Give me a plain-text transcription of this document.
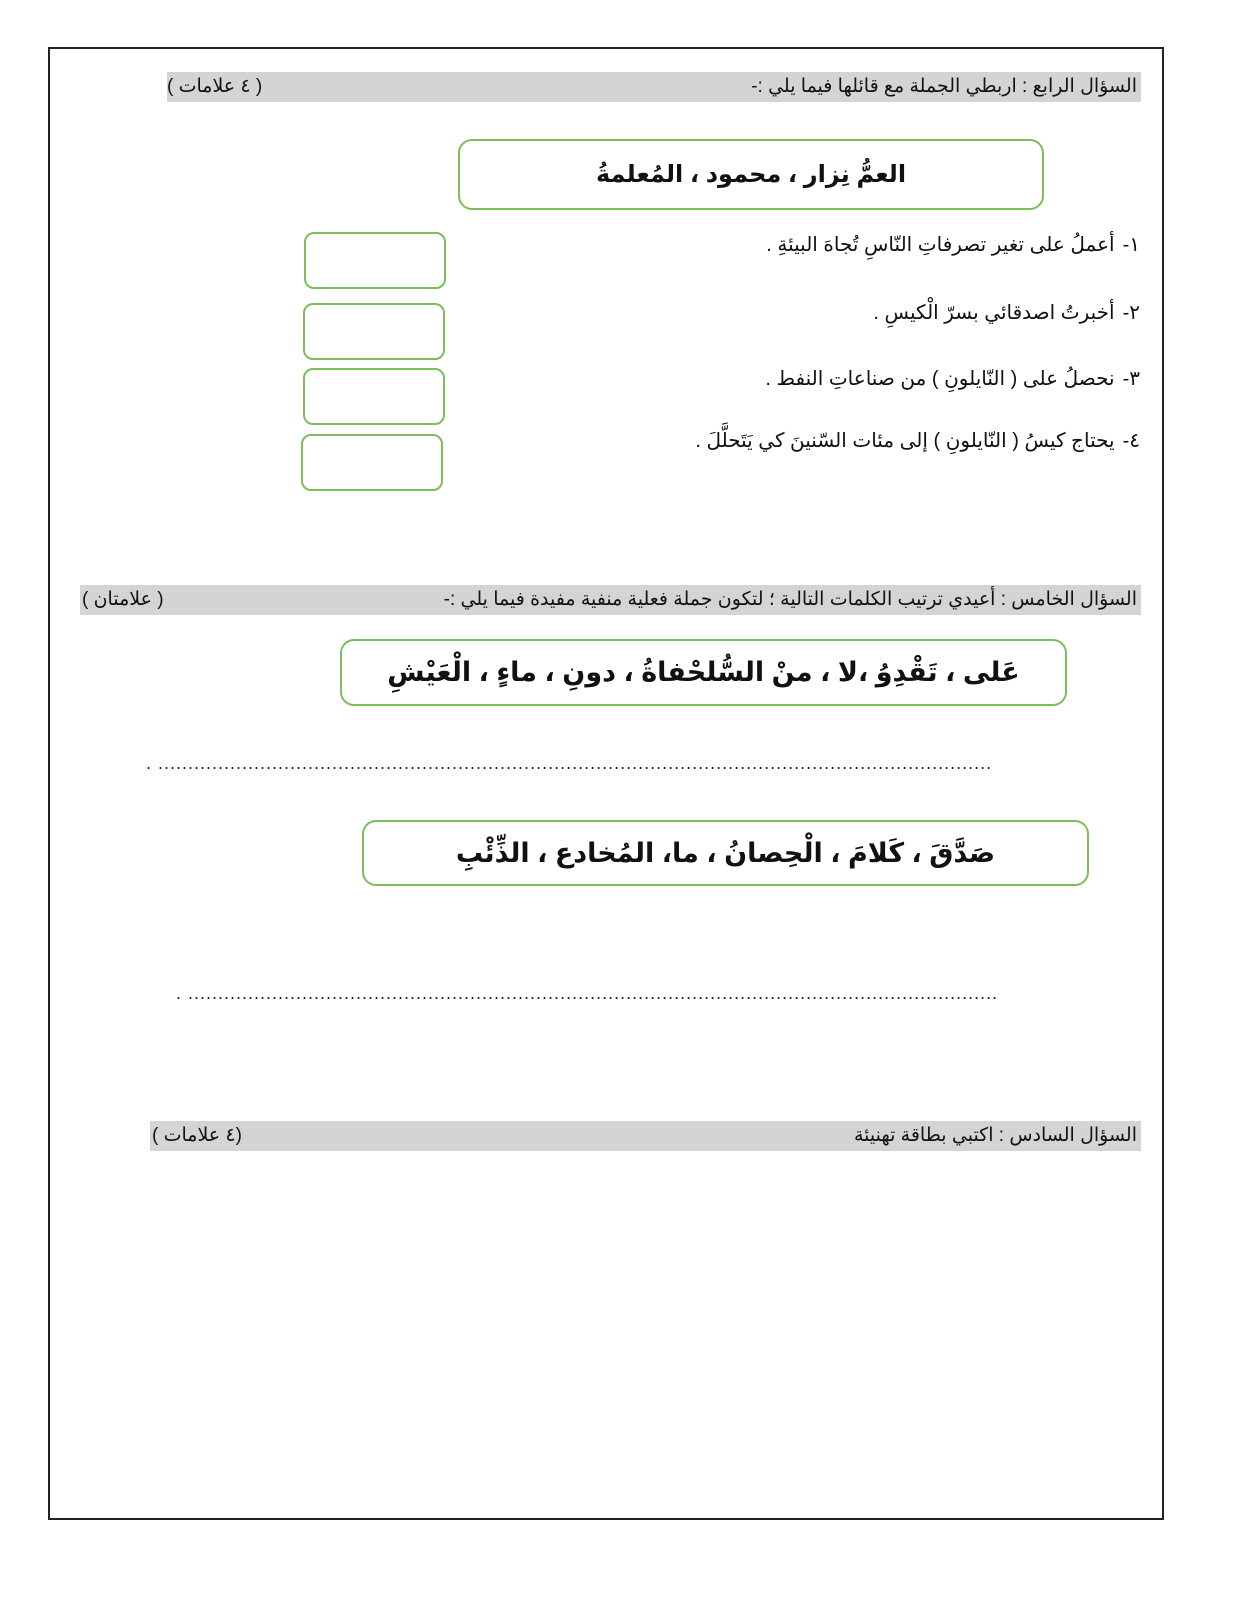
السؤال الرابع : اربطي الجملة مع قائلها فيما يلي :-
( ٤ علامات )
العمُّ نِزار ، محمود ، المُعلمةُ
١-أعملُ على تغير تصرفاتِ النّاسِ تُجاهَ البيئةِ .
٢-أخبرتُ اصدقائي بسرّ الْكيسِ .
٣-نحصلُ على ( النّايلونِ ) من صناعاتِ النفط .
٤-يحتاج كيسُ ( النّايلونِ ) إلى مئات السّنينَ كي يَتَحلَّلَ .
السؤال الخامس : أعيدي ترتيب الكلمات التالية ؛ لتكون جملة فعلية منفية مفيدة فيما يلي :-
( علامتان )
عَلى ، تَقْدِوُ ،لا ، منْ السُّلحْفاةُ ، دونِ ، ماءٍ ، الْعَيْشِ
. ...........................................................................................................................................
صَدَّقَ ، كَلامَ ، الْحِصانُ ، ما، المُخادع ، الذِّئْبِ
. .......................................................................................................................................​
السؤال السادس : اكتبي بطاقة تهنيئة
(٤ علامات )
